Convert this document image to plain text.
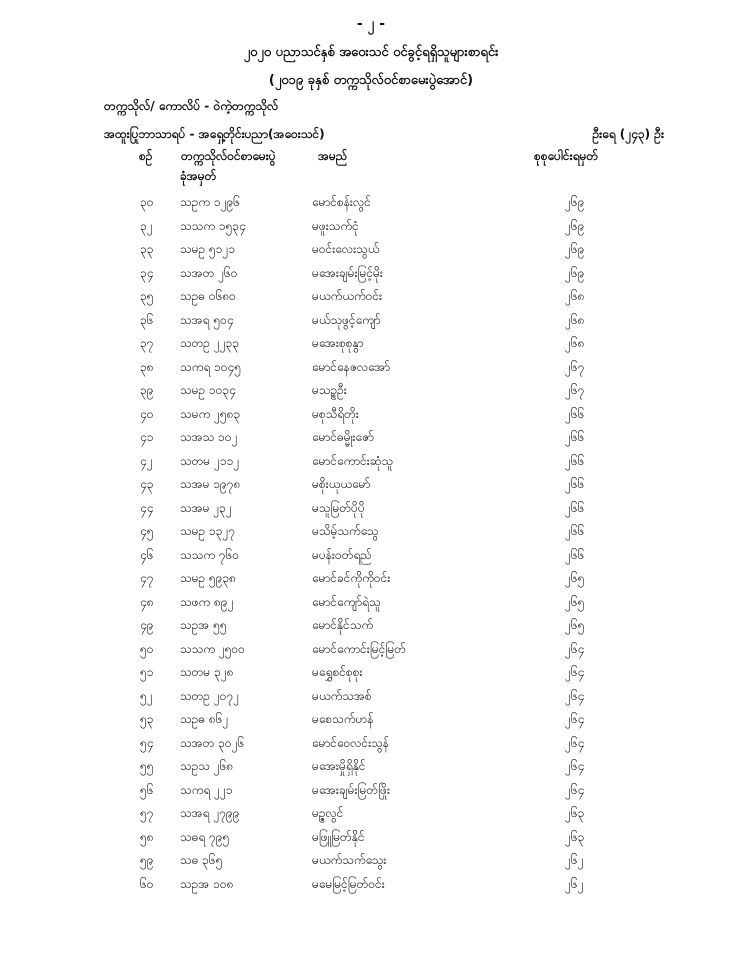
- ၂ -
၂၀၂၀ ပညာသင်နှစ် အဝေးသင် ဝင်ခွင့်ရရှိသူများစာရင်း
(၂၀၁၉ ခုနှစ် တက္ကသိုလ်ဝင်စာမေးပွဲအောင်)
တက္ကသိုလ်/ ကောလိပ် - ဝဲကဲ့တက္ကသိုလ်
အထူးပြုဘာသာရပ် - အရှေ့တိုင်းပညာ(အဝေးသင်)	ဦးရေ (၂၄၃) ဦး
စဉ် တက္ကသိုလ်ဝင်စာမေးပွဲ	အမည်	စုစုပေါင်းရမှတ်
ခုံအမှတ်
၃၀	သဥက ၁၂၉၆	မောင်စန်းလွင်	၂၆၉
၃၂	သသက ၁၅၃၄	မဖူးသက်ငုံ	၂၆၉
၃၃	သမဥ ၅၁၂၁	မဝင်းလေးသွယ်	၂၆၉
၃၄	သအတ ၂၆၀	မအေးချမ်းမြင့်မိုး	၂၆၉
၃၅	သဥဓ ၀၆၈၀	မယက်ယက်ဝင်း	၂၆၈
၃၆	သအရ ၅၀၄	မယ်သုဖွင့်ကျော်	၂၆၈
၃၇	သတဥ ၂၂၃၃	မအေးစုစုနွာ	၂၆၈
၃၈	သကရ ၁၀၄၅	မောင်နေဇလအော်	၂၆၇
၃၉	သမဥ ၁၀၃၄	မသဥ္စဦး	၂၆၇
၄၀	သမက ၂၅၈၃	မစုသီရိတိုး	၂၆၆
၄၁	သအသ ၁၀၂	မောင်ဓမ္မိုးဇော်	၂၆၆
၄၂	သတမ ၂၁၁၂	မောင်ကောင်းဆုံသူ	၂၆၆
၄၃	သအမ ၁၉၇၈	မစိုးယုယမော်	၂၆၆
၄၄	သအမ ၂၃၂	မသူမြတ်ပိုပို	၂၆၆
၄၅	သမဥ ၁၃၂၇	မသိမ့်သက်သွေ	၂၆၆
၄၆	သသက ၇၆၀	မပန်းဝတ်ရည်	၂၆၆
၄၇	သမဥ ၅၉၃၈	မောင်ခင်ကိုကိုဝင်း	၂၆၅
၄၈	သဖက ၈၉၂	မောင်ကျော်ရဲသူ	၂၆၅
၄၉	သဥအ ၅၅	မောင်နိုင်သက်	၂၆၅
၅၀	သသက ၂၅၀၀	မောင်ကောင်းမြင့်မြတ်	၂၆၄
၅၁	သတမ ၃၂၈	မရွှေစင်စုစုး	၂၆၄
၅၂	သတဥ ၂၀၇၂	မယက်သအစ်	၂၆၄
၅၃	သဥဓ ၈၆၂	မစေသက်ဟန်	၂၆၄
၅၄	သအတ ၃၀၂၆	မောင်ဝေလင်းသွန်	၂၆၄
၅၅	သဥသ ၂၆၈	မအေးမှိုရှိနိုင်	၂၆၄
၅၆	သကရ ၂၂၁	မအေးချမ်းမြတ်ဖြိုး	၂၆၄
၅၇	သအရ ၂၇၉၉	မဥ္ဇလွင်	၂၆၃
၅၈	သဓရ ၇၉၅	မဖြူမြတ်နိုင်	၂၆၃
၅၉	သဓ ၃၆၅	မယက်သက်သွေး	၂၆၂
၆၀	သဥအ ၁၀၈	မမေမြင့်မြတ်ဝင်း	၂၆၂
